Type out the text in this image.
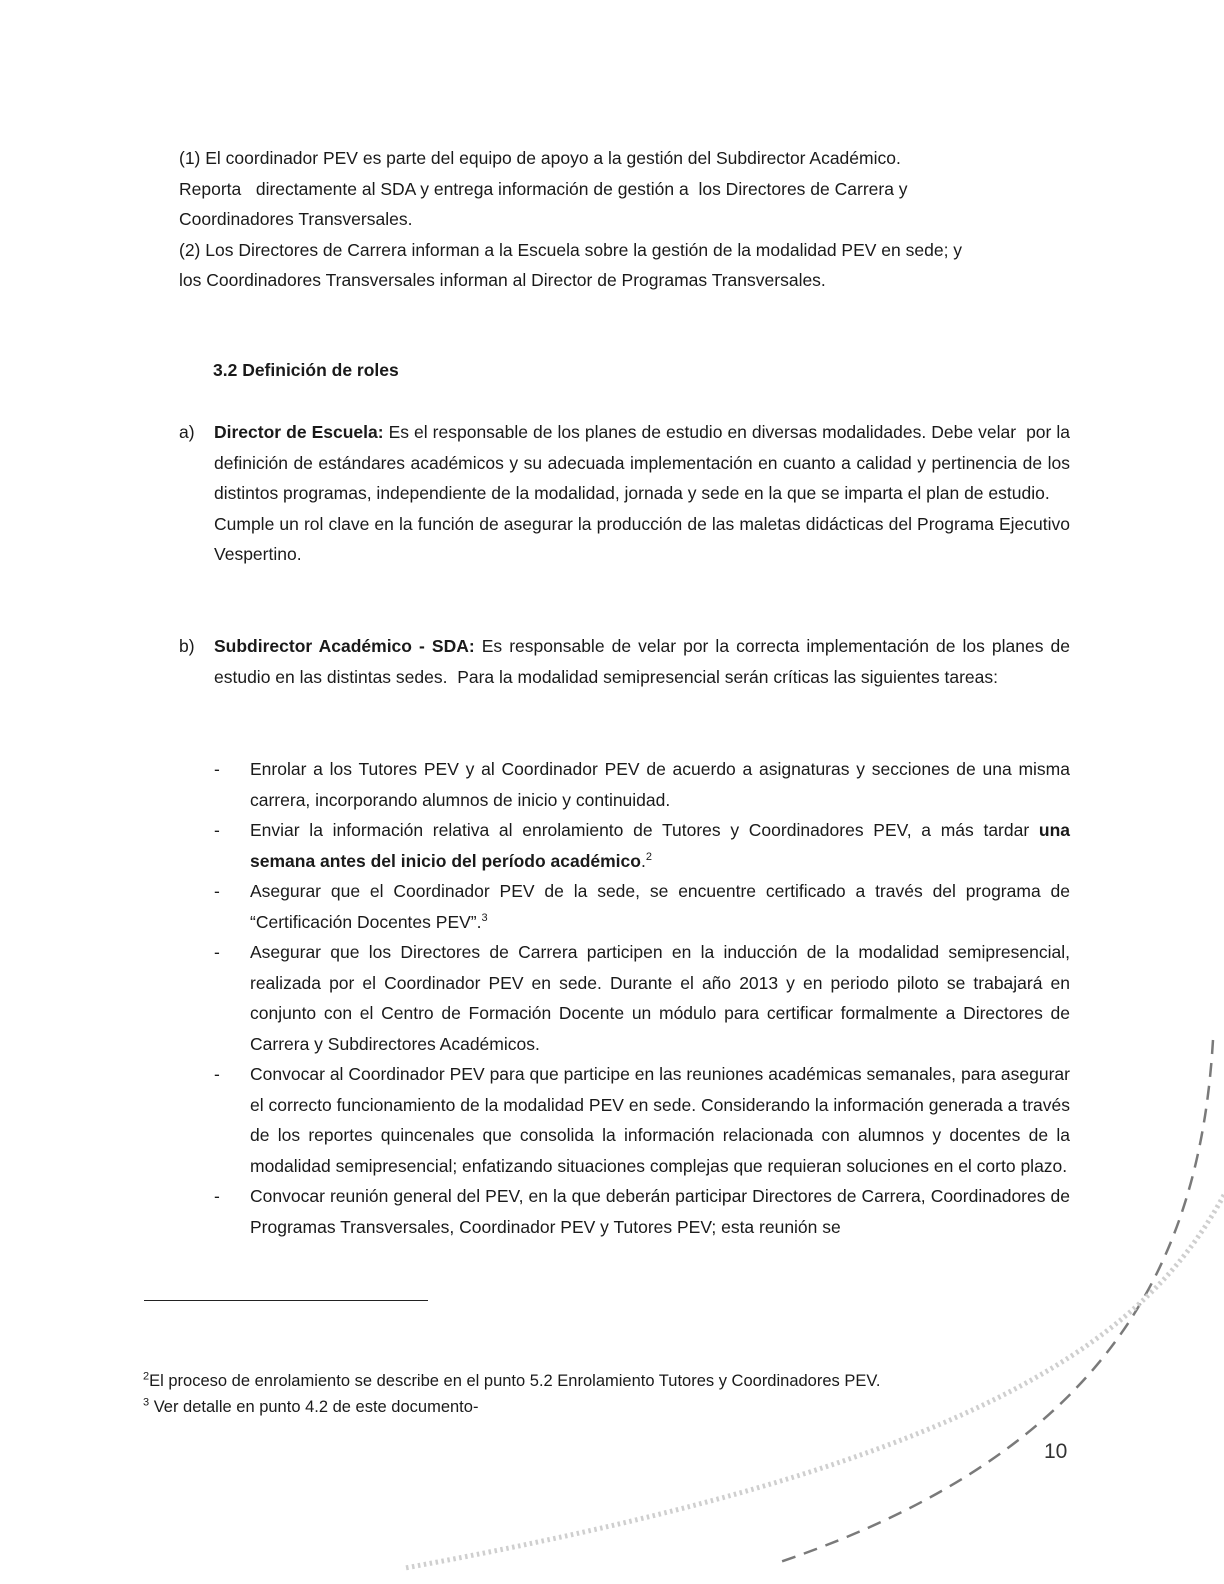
(1) El coordinador PEV es parte del equipo de apoyo a la gestión del Subdirector Académico.

Reporta   directamente al SDA y entrega información de gestión a  los Directores de Carrera y

Coordinadores Transversales.

(2) Los Directores de Carrera informan a la Escuela sobre la gestión de la modalidad PEV en sede; y

los Coordinadores Transversales informan al Director de Programas Transversales.

3.2 Definición de roles
a)	Director de Escuela: Es el responsable de los planes de estudio en diversas modalidades. Debe velar  por la definición de estándares académicos y su adecuada implementación en cuanto a calidad y pertinencia de los distintos programas, independiente de la modalidad, jornada y sede en la que se imparta el plan de estudio.

Cumple un rol clave en la función de asegurar la producción de las maletas didácticas del Programa Ejecutivo Vespertino.

b)	Subdirector Académico - SDA: Es responsable de velar por la correcta implementación de los planes de estudio en las distintas sedes.  Para la modalidad semipresencial serán críticas las siguientes tareas:

- Enrolar a los Tutores PEV y al Coordinador PEV de acuerdo a asignaturas y secciones de una misma carrera, incorporando alumnos de inicio y continuidad.
- Enviar la información relativa al enrolamiento de Tutores y Coordinadores PEV, a más tardar una semana antes del inicio del período académico.$^2$
- Asegurar que el Coordinador PEV de la sede, se encuentre certificado a través del programa de “Certificación Docentes PEV”.$^3$
- Asegurar que los Directores de Carrera participen en la inducción de la modalidad semipresencial, realizada por el Coordinador PEV en sede. Durante el año 2013 y en periodo piloto se trabajará en conjunto con el Centro de Formación Docente un módulo para certificar formalmente a Directores de Carrera y Subdirectores Académicos.
- Convocar al Coordinador PEV para que participe en las reuniones académicas semanales, para asegurar el correcto funcionamiento de la modalidad PEV en sede. Considerando la información generada a través de los reportes quincenales que consolida la información relacionada con alumnos y docentes de la modalidad semipresencial; enfatizando situaciones complejas que requieran soluciones en el corto plazo.
- Convocar reunión general del PEV, en la que deberán participar Directores de Carrera, Coordinadores de Programas Transversales, Coordinador PEV y Tutores PEV; esta reunión se

$^2$El proceso de enrolamiento se describe en el punto 5.2 Enrolamiento Tutores y Coordinadores PEV.

$^3$ Ver detalle en punto 4.2 de este documento-

10
